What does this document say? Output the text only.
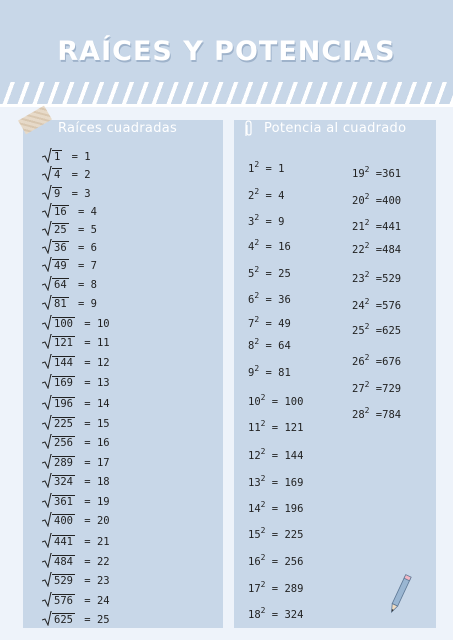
RAÍCES Y POTENCIAS
Raíces cuadradas	Potencia al cuadrado
1 = 1
4 = 2
9 = 3
16 = 4
25 = 5
36 = 6
49 = 7
64 = 8
81 = 9
100 = 10
121 = 11
144 = 12
169 = 13
196 = 14
225 = 15
256 = 16
289 = 17
324 = 18
361 = 19
400 = 20
441 = 21
484 = 22
529 = 23
576 = 24
625 = 25
$1^2 = 1$
$2^2 = 4$
$3^2 = 9$
$4^2 = 16$
$5^2 = 25$
$6^2 = 36$
$7^2 = 49$
$8^2 = 64$
$9^2 = 81$
$10^2 = 100$
$11^2 = 121$
$12^2 = 144$
$13^2 = 169$
$14^2 = 196$
$15^2 = 225$
$16^2 = 256$
$17^2 = 289$
$18^2 = 324$
$19^2 =361$
$20^2 =400$
$21^2 =441$
$22^2 =484$
$23^2 =529$
$24^2 =576$
$25^2 =625$
$26^2 =676$
$27^2 =729$
$28^2 =784$
